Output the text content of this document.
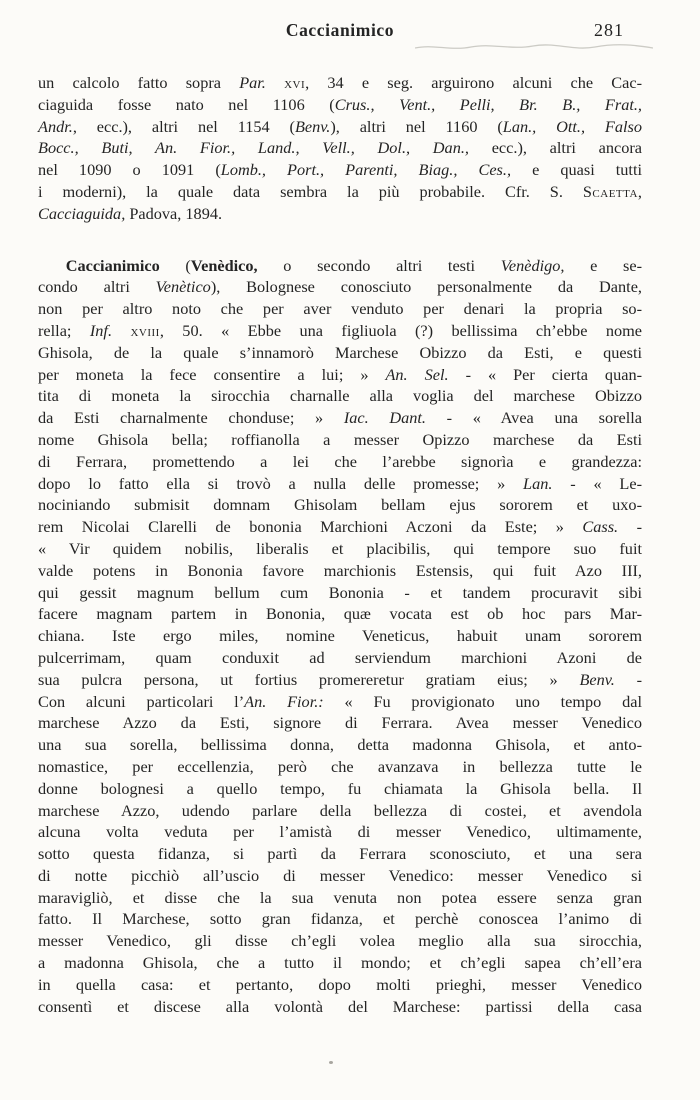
Caccianimico	281
un calcolo fatto sopra Par. xvi, 34 e seg. arguirono alcuni che Cac-
ciaguida fosse nato nel 1106 (Crus., Vent., Pelli, Br. B., Frat.,
Andr., ecc.), altri nel 1154 (Benv.), altri nel 1160 (Lan., Ott., Falso
Bocc., Buti, An. Fior., Land., Vell., Dol., Dan., ecc.), altri ancora
nel 1090 o 1091 (Lomb., Port., Parenti, Biag., Ces., e quasi tutti
i moderni), la quale data sembra la più probabile. Cfr. S. Scaetta,
Cacciaguida, Padova, 1894.
Caccianimico (Venèdico, o secondo altri testi Venèdigo, e se-
condo altri Venètico), Bolognese conosciuto personalmente da Dante,
non per altro noto che per aver venduto per denari la propria so-
rella; Inf. xviii, 50. « Ebbe una figliuola (?) bellissima ch’ebbe nome
Ghisola, de la quale s’innamorò Marchese Obizzo da Esti, e questi
per moneta la fece consentire a lui; » An. Sel. - « Per cierta quan-
tita di moneta la sirocchia charnalle alla voglia del marchese Obizzo
da Esti charnalmente chonduse; » Iac. Dant. - « Avea una sorella
nome Ghisola bella; roffianolla a messer Opizzo marchese da Esti
di Ferrara, promettendo a lei che l’arebbe signorìa e grandezza:
dopo lo fatto ella si trovò a nulla delle promesse; » Lan. - « Le-
nociniando submisit domnam Ghisolam bellam ejus sororem et uxo-
rem Nicolai Clarelli de bononia Marchioni Aczoni da Este; » Cass. -
« Vir quidem nobilis, liberalis et placibilis, qui tempore suo fuit
valde potens in Bononia favore marchionis Estensis, qui fuit Azo III,
qui gessit magnum bellum cum Bononia - et tandem procuravit sibi
facere magnam partem in Bononia, quæ vocata est ob hoc pars Mar-
chiana. Iste ergo miles, nomine Veneticus, habuit unam sororem
pulcerrimam, quam conduxit ad serviendum marchioni Azoni de
sua pulcra persona, ut fortius promereretur gratiam eius; » Benv. -
Con alcuni particolari l’An. Fior.: « Fu provigionato uno tempo dal
marchese Azzo da Esti, signore di Ferrara. Avea messer Venedico
una sua sorella, bellissima donna, detta madonna Ghisola, et anto-
nomastice, per eccellenzia, però che avanzava in bellezza tutte le
donne bolognesi a quello tempo, fu chiamata la Ghisola bella. Il
marchese Azzo, udendo parlare della bellezza di costei, et avendola
alcuna volta veduta per l’amistà di messer Venedico, ultimamente,
sotto questa fidanza, si partì da Ferrara sconosciuto, et una sera
di notte picchiò all’uscio di messer Venedico: messer Venedico si
maravigliò, et disse che la sua venuta non potea essere senza gran
fatto. Il Marchese, sotto gran fidanza, et perchè conoscea l’animo di
messer Venedico, gli disse ch’egli volea meglio alla sua sirocchia,
a madonna Ghisola, che a tutto il mondo; et ch’egli sapea ch’ell’era
in quella casa: et pertanto, dopo molti prieghi, messer Venedico
consentì et discese alla volontà del Marchese: partissi della casa
